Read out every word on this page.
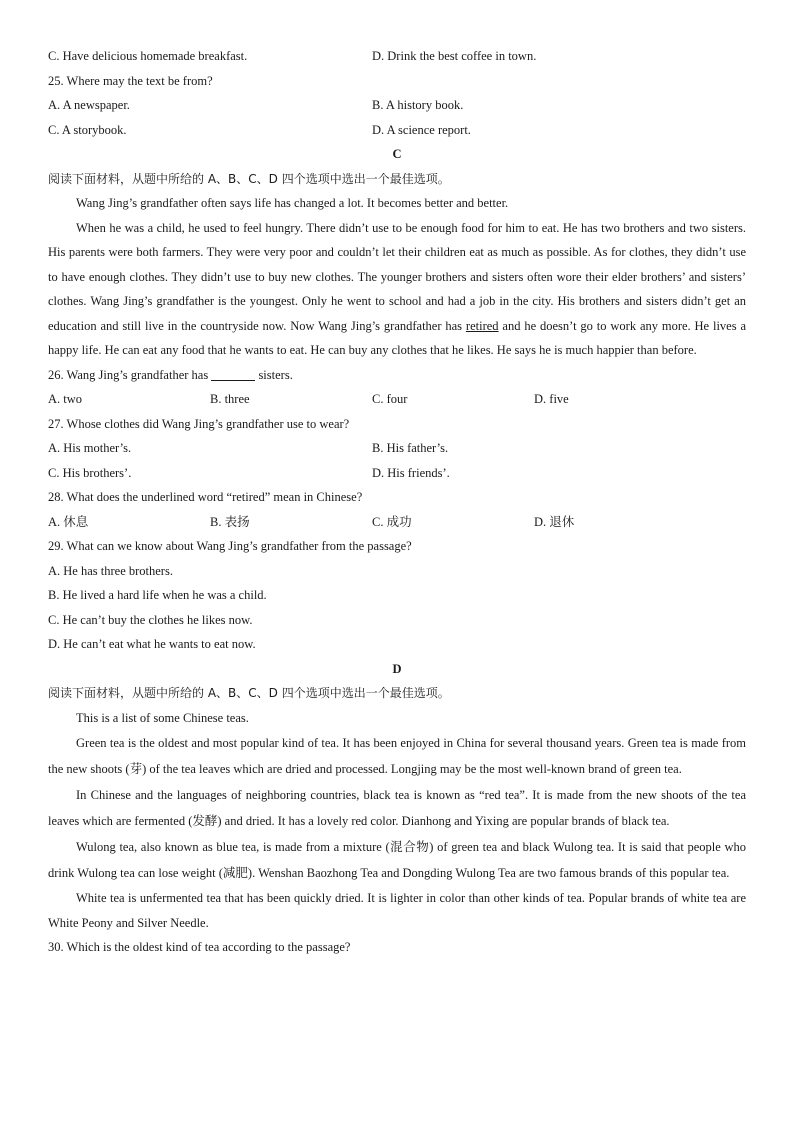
C. Have delicious homemade breakfast.	D. Drink the best coffee in town.
25. Where may the text be from?
A. A newspaper.	B. A history book.
C. A storybook.	D. A science report.
C
阅读下面材料，从题中所给的 A、B、C、D 四个选项中选出一个最佳选项。
Wang Jing’s grandfather often says life has changed a lot. It becomes better and better.

When he was a child, he used to feel hungry. There didn’t use to be enough food for him to eat. He has two brothers and two sisters. His parents were both farmers. They were very poor and couldn’t let their children eat as much as possible. As for clothes, they didn’t use to have enough clothes. They didn’t use to buy new clothes. The younger brothers and sisters often wore their elder brothers’ and sisters’ clothes. Wang Jing’s grandfather is the youngest. Only he went to school and had a job in the city. His brothers and sisters didn’t get an education and still live in the countryside now. Now Wang Jing’s grandfather has retired and he doesn’t go to work any more. He lives a happy life. He can eat any food that he wants to eat. He can buy any clothes that he likes. He says he is much happier than before.

26. Wang Jing’s grandfather has	sisters.
A. two	B. three	C. four	D. five
27. Whose clothes did Wang Jing’s grandfather use to wear?
A. His mother’s.	B. His father’s.
C. His brothers’.	D. His friends’.
28. What does the underlined word “retired” mean in Chinese?
A. 休息	B. 表扬	C. 成功	D. 退休
29. What can we know about Wang Jing’s grandfather from the passage?
A. He has three brothers.
B. He lived a hard life when he was a child.
C. He can’t buy the clothes he likes now.
D. He can’t eat what he wants to eat now.
D
阅读下面材料，从题中所给的 A、B、C、D 四个选项中选出一个最佳选项。
This is a list of some Chinese teas.

Green tea is the oldest and most popular kind of tea. It has been enjoyed in China for several thousand years. Green tea is made from the new shoots (芽) of the tea leaves which are dried and processed. Longjing may be the most well-known brand of green tea.

In Chinese and the languages of neighboring countries, black tea is known as “red tea”. It is made from the new shoots of the tea leaves which are fermented (发酵) and dried. It has a lovely red color. Dianhong and Yixing are popular brands of black tea.

Wulong tea, also known as blue tea, is made from a mixture (混合物) of green tea and black Wulong tea. It is said that people who drink Wulong tea can lose weight (减肥). Wenshan Baozhong Tea and Dongding Wulong Tea are two famous brands of this popular tea.

White tea is unfermented tea that has been quickly dried. It is lighter in color than other kinds of tea. Popular brands of white tea are White Peony and Silver Needle.

30. Which is the oldest kind of tea according to the passage?
